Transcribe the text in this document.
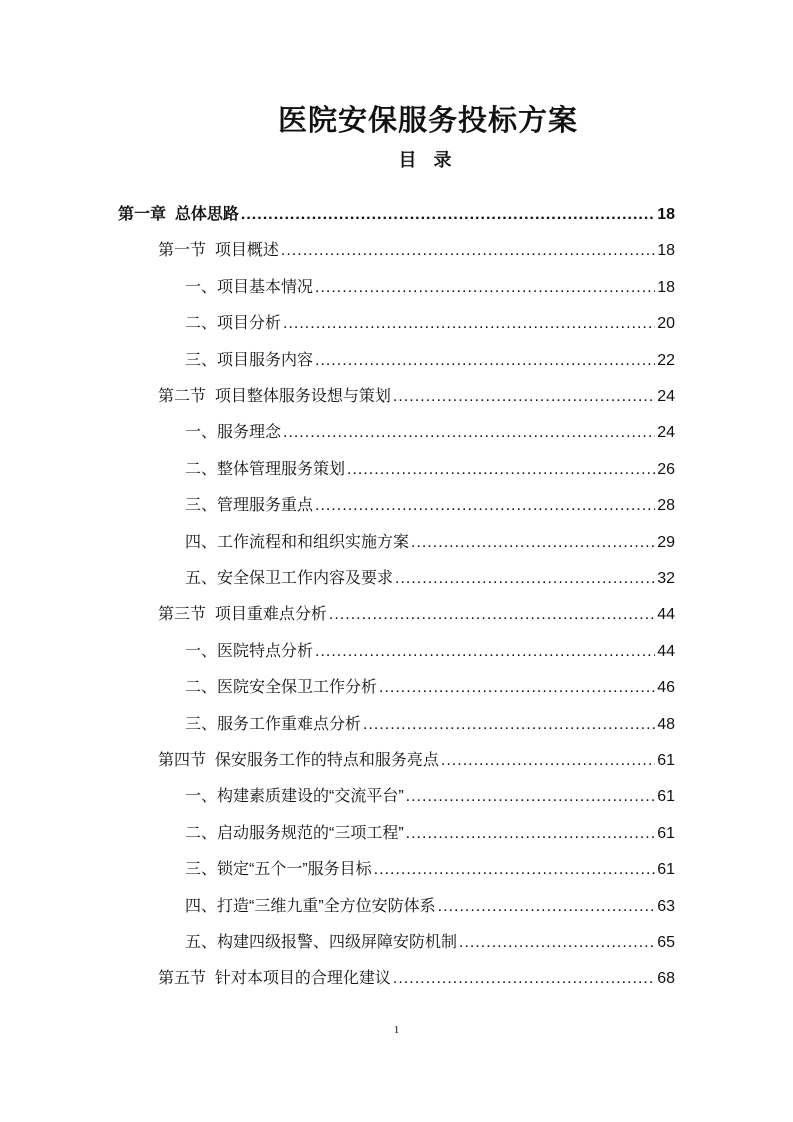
医院安保服务投标方案
目 录
第一章  总体思路 .....	18
第一节  项目概述 .....	18
一、项目基本情况 .....	18
二、项目分析 .....	20
三、项目服务内容 .....	22
第二节  项目整体服务设想与策划 .....	24
一、服务理念 .....	24
二、整体管理服务策划 .....	26
三、管理服务重点 .....	28
四、工作流程和和组织实施方案 .....	29
五、安全保卫工作内容及要求 .....	32
第三节  项目重难点分析 .....	44
一、医院特点分析 .....	44
二、医院安全保卫工作分析 .....	46
三、服务工作重难点分析 .....	48
第四节  保安服务工作的特点和服务亮点 .....	61
一、构建素质建设的“交流平台” .....	61
二、启动服务规范的“三项工程” .....	61
三、锁定“五个一”服务目标 .....	61
四、打造“三维九重”全方位安防体系 .....	63
五、构建四级报警、四级屏障安防机制 .....	65
第五节  针对本项目的合理化建议 .....	68
1
